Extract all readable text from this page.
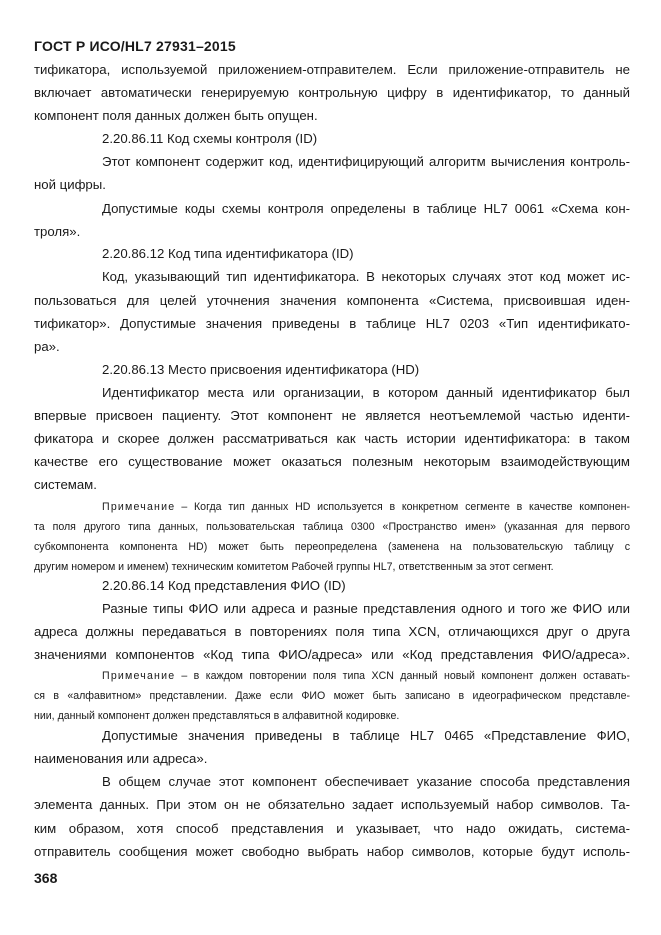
ГОСТ Р ИСО/HL7 27931–2015
тификатора, используемой приложением-отправителем. Если приложение-отправитель не
включает автоматически генерируемую контрольную цифру в идентификатор, то данный
компонент поля данных должен быть опущен.
2.20.86.11 Код схемы контроля (ID)
Этот компонент содержит код, идентифицирующий алгоритм вычисления контроль-
ной цифры.
Допустимые коды схемы контроля определены в таблице HL7 0061 «Схема кон-
троля».
2.20.86.12 Код типа идентификатора (ID)
Код, указывающий тип идентификатора. В некоторых случаях этот код может ис-
пользоваться для целей уточнения значения компонента «Система, присвоившая иден-
тификатор». Допустимые значения приведены в таблице HL7 0203 «Тип идентификато-
ра».
2.20.86.13 Место присвоения идентификатора (HD)
Идентификатор места или организации, в котором данный идентификатор был
впервые присвоен пациенту. Этот компонент не является неотъемлемой частью иденти-
фикатора и скорее должен рассматриваться как часть истории идентификатора: в таком
качестве его существование может оказаться полезным некоторым взаимодействующим
системам.
Примечание – Когда тип данных HD используется в конкретном сегменте в качестве компонен-
та поля другого типа данных, пользовательская таблица 0300 «Пространство имен» (указанная для первого
субкомпонента компонента HD) может быть переопределена (заменена на пользовательскую таблицу с
другим номером и именем) техническим комитетом Рабочей группы HL7, ответственным за этот сегмент.
2.20.86.14 Код представления ФИО (ID)
Разные типы ФИО или адреса и разные представления одного и того же ФИО или
адреса должны передаваться в повторениях поля типа XCN, отличающихся друг о друга
значениями компонентов «Код типа ФИО/адреса» или «Код представления ФИО/адреса».
Примечание – в каждом повторении поля типа XCN данный новый компонент должен оставать-
ся в «алфавитном» представлении. Даже если ФИО может быть записано в идеографическом представле-
нии, данный компонент должен представляться в алфавитной кодировке.
Допустимые значения приведены в таблице HL7 0465 «Представление ФИО,
наименования или адреса».
В общем случае этот компонент обеспечивает указание способа представления
элемента данных. При этом он не обязательно задает используемый набор символов. Та-
ким образом, хотя способ представления и указывает, что надо ожидать, система-
отправитель сообщения может свободно выбрать набор символов, которые будут исполь-
368
